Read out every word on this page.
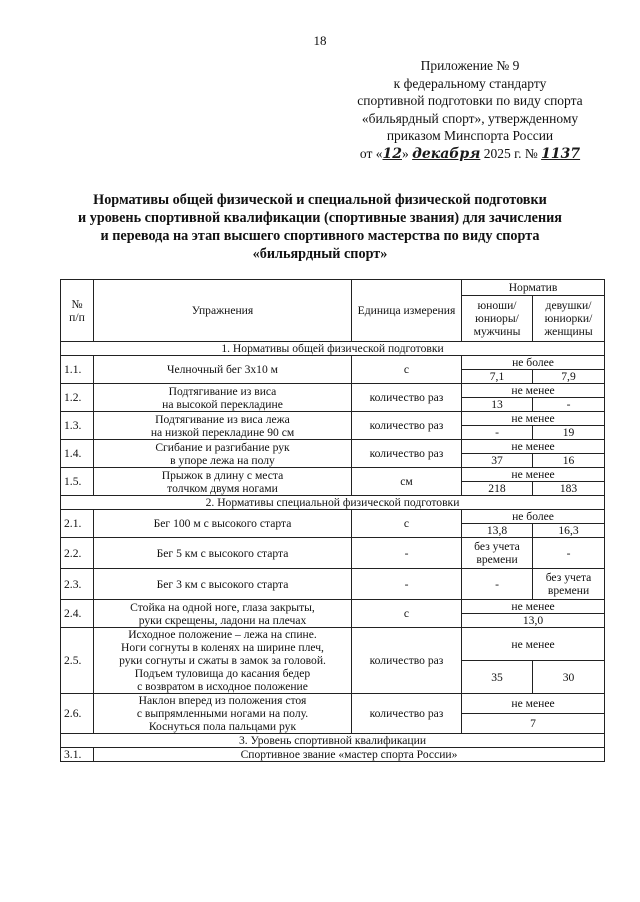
18
Приложение № 9
к федеральному стандарту
спортивной подготовки по виду спорта
«бильярдный спорт», утвержденному
приказом Минспорта России
от «12» декабря 2025 г. № 1137
Нормативы общей физической и специальной физической подготовки
и уровень спортивной квалификации (спортивные звания) для зачисления
и перевода на этап высшего спортивного мастерства по виду спорта
«бильярдный спорт»
№
п/п	Упражнения	Единица измерения	Норматив	
			юноши/
юниоры/
мужчины	девушки/
юниорки/
женщины
1. Нормативы общей физической подготовки				
1.1.	Челночный бег 3х10 м	с	не более	
			7,1	7,9
1.2.	Подтягивание из виса
на высокой перекладине	количество раз	не менее	
			13	-
1.3.	Подтягивание из виса лежа
на низкой перекладине 90 см	количество раз	не менее	
			-	19
1.4.	Сгибание и разгибание рук
в упоре лежа на полу	количество раз	не менее	
			37	16
1.5.	Прыжок в длину с места
толчком двумя ногами	см	не менее	
			218	183
2. Нормативы специальной физической подготовки				
2.1.	Бег 100 м с высокого старта	с	не более	
			13,8	16,3
2.2.	Бег 5 км с высокого старта	-	без учета
времени	-
2.3.	Бег 3 км с высокого старта	-	-	без учета
времени
2.4.	Стойка на одной ноге, глаза закрыты,
руки скрещены, ладони на плечах	с	не менее	
			13,0	
2.5.	Исходное положение – лежа на спине.
Ноги согнуты в коленях на ширине плеч,
руки согнуты и сжаты в замок за головой.
Подъем туловища до касания бедер
с возвратом в исходное положение	количество раз	не менее	
			35	30
2.6.	Наклон вперед из положения стоя
с выпрямленными ногами на полу.
Коснуться пола пальцами рук	количество раз	не менее	
			7	
3. Уровень спортивной квалификации				
3.1.	Спортивное звание «мастер спорта России»			
